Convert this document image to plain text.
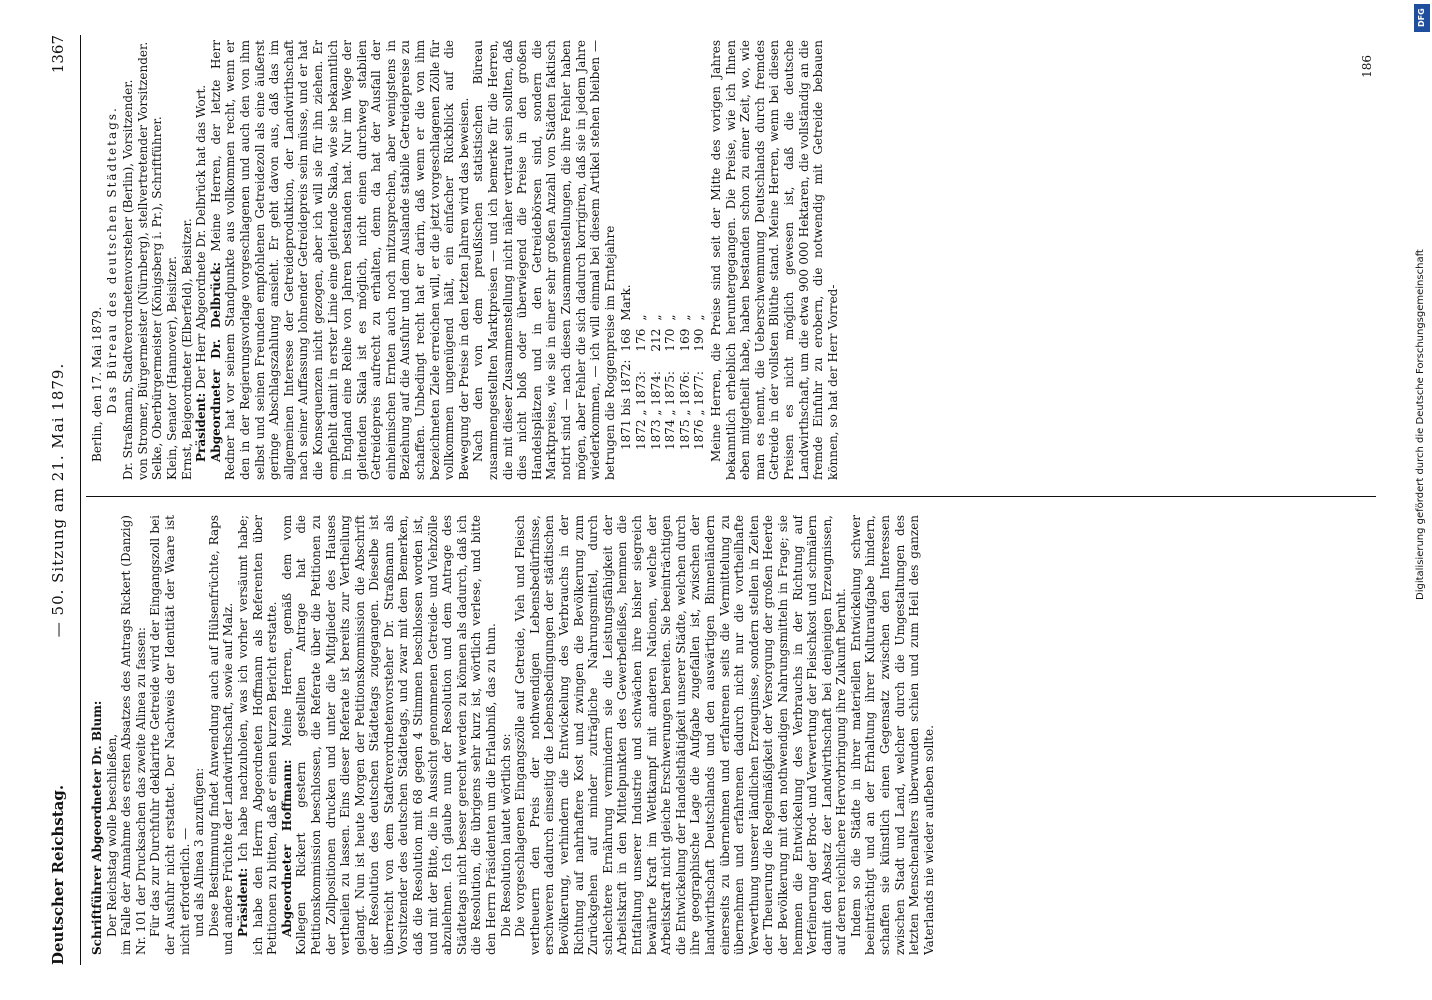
Deutscher Reichstag.
— 50. Sitzung am 21. Mai 1879.
1367

Schriftführer Abgeordneter Dr. Blum: Der Reichstag wolle beschließen, im Falle der Annahme des ersten Absatzes des Antrags Rickert (Danzig) Nr. 101 der Drucksachen das zweite Alinea zu fassen: Für das zur Durchfuhr deklarirte Getreide wird der Eingangszoll bei der Ausfuhr nicht erstattet. Der Nachweis der Identität der Waare ist nicht erforderlich. — und als Alinea 3 anzufügen: Diese Bestimmung findet Anwendung auch auf Hülsenfrüchte, Raps und andere Früchte der Landwirthschaft, sowie auf Malz. Präsident: Ich habe nachzuholen, was ich vorher versäumt habe; ich habe den Herrn Abgeordneten Hoffmann als Referenten über Petitionen zu bitten, daß er einen kurzen Bericht erstatte. Abgeordneter Hoffmann: Meine Herren, gemäß dem vom Kollegen Rickert gestern gestellten Antrage hat die Petitionskommission beschlossen, die Referate über die Petitionen zu der Zollpositionen drucken und unter die Mitglieder des Hauses vertheilen zu lassen. Eins dieser Referate ist bereits zur Vertheilung gelangt. Nun ist heute Morgen der Petitionskommission die Abschrift der Resolution des deutschen Städtetags zugegangen. Dieselbe ist überreicht von dem Stadtverordnetenvorsteher Dr. Straßmann als Vorsitzender des deutschen Städtetags, und zwar mit dem Bemerken, daß die Resolution mit 68 gegen 4 Stimmen beschlossen worden ist, und mit der Bitte, die in Aussicht genommenen Getreide- und Viehzölle abzulehnen. Ich glaube nun der Resolution und dem Antrage des Städtetags nicht besser gerecht werden zu können als dadurch, daß ich die Resolution, die übrigens sehr kurz ist, wörtlich verlese, und bitte den Herrn Präsidenten um die Erlaubniß, das zu thun. Die Resolution lautet wörtlich so: Die vorgeschlagenen Eingangszölle auf Getreide, Vieh und Fleisch vertheuern den Preis der nothwendigen Lebensbedürfnisse, erschweren dadurch einseitig die Lebensbedingungen der städtischen Bevölkerung, verhindern die Entwickelung des Verbrauchs in der Richtung auf nahrhaftere Kost und zwingen die Bevölkerung zum Zurückgehen auf minder zuträgliche Nahrungsmittel, durch schlechtere Ernährung vermindern sie die Leistungsfähigkeit der Arbeitskraft in den Mittelpunkten des Gewerbefleißes, hemmen die Entfaltung unserer Industrie und schwächen ihre bisher siegreich bewährte Kraft im Wettkampf mit anderen Nationen, welche der Arbeitskraft nicht gleiche Erschwerungen bereiten. Sie beeinträchtigen die Entwickelung der Handelsthätigkeit unserer Städte, welchen durch ihre geographische Lage die Aufgabe zugefallen ist, zwischen der landwirthschaft Deutschlands und den auswärtigen Binnenländern einerseits zu übernehmen und erfahrenen seits die Vermittelung zu übernehmen und erfahrenen dadurch nicht nur die vortheilhafte Verwerthung unserer ländlichen Erzeugnisse, sondern stellen in Zeiten der Theuerung die Regelmäßigkeit der Versorgung der großen Heerde der Bevölkerung mit den nothwendigen Nahrungsmitteln in Frage; sie hemmen die Entwickelung des Verbrauchs in der Richtung auf Verfeinerung der Brod- und Verwertung der Fleischkost und schmälern damit den Absatz der Landwirthschaft bei denjenigen Erzeugnissen, auf deren reichlichere Hervorbringung ihre Zukunft beruht. Indem so die Städte in ihrer materiellen Entwickelung schwer beeinträchtigt und an der Erhaltung ihrer Kulturaufgabe hindern, schaffen sie künstlich einen Gegensatz zwischen den Interessen zwischen Stadt und Land, welcher durch die Umgestaltungen des letzten Menschenalters überwunden schien und zum Heil des ganzen Vaterlands nie wieder aufleben sollte.

Berlin, den 17. Mai 1879. Das Büreau des deutschen Städtetags. Dr. Straßmann, Stadtverordnetenvorsteher (Berlin), Vorsitzender. von Stromer, Bürgermeister (Nürnberg), stellvertretender Vorsitzender. Selke, Oberbürgermeister (Königsberg i. Pr.), Schriftführer. Klein, Senator (Hannover), Beisitzer. Ernst, Beigeordneter (Elberfeld), Beisitzer. Präsident: Der Herr Abgeordnete Dr. Delbrück hat das Wort. Abgeordneter Dr. Delbrück: Meine Herren, der letzte Herr Redner hat vor seinem Standpunkte aus vollkommen recht, wenn er den in der Regierungsvorlage vorgeschlagenen und auch den von ihm selbst und seinen Freunden empfohlenen Getreidezoll als eine äußerst geringe Abschlagszahlung ansieht. Er geht davon aus, daß das im allgemeinen Interesse der Getreideproduktion, der Landwirthschaft nach seiner Auffassung lohnender Getreidepreis sein müsse, und er hat die Konsequenzen nicht gezogen, aber ich will sie für ihn ziehen. Er empfiehlt damit in erster Linie eine gleitende Skala, wie sie bekanntlich in England eine Reihe von Jahren bestanden hat. Nur im Wege der gleitenden Skala ist es möglich, nicht einen durchweg stabilen Getreidepreis aufrecht zu erhalten, denn da hat der Ausfall der einheimischen Ernten auch noch mitzusprechen, aber wenigstens in Beziehung auf die Ausfuhr und dem Auslande stabile Getreidepreise zu schaffen. Unbedingt recht hat er darin, daß wenn er die von ihm bezeichneten Ziele erreichen will, er die jetzt vorgeschlagenen Zölle für vollkommen ungenügend hält, ein einfacher Rückblick auf die Bewegung der Preise in den letzten Jahren wird das beweisen. Nach den von dem preußischen statistischen Büreau zusammengestellten Marktpreisen — und ich bemerke für die Herren, die mit dieser Zusammenstellung nicht näher vertraut sein sollten, daß dies nicht bloß oder überwiegend die Preise in den großen Handelsplätzen und in den Getreidebörsen sind, sondern die Marktpreise, wie sie in einer sehr großen Anzahl von Städten faktisch notirt sind — nach diesen Zusammenstellungen, die ihre Fehler haben mögen, aber Fehler die sich dadurch korrigiren, daß sie in jedem Jahre wiederkommen, — ich will einmal bei diesem Artikel stehen bleiben — betrugen die Roggenpreise im Erntejahre 1871 bis 1872:	168	Mark.
1872 „ 1873:	176	„
1873 „ 1874:	212	„
1874 „ 1875:	170	„
1875 „ 1876:	169	„
1876 „ 1877:	190	„ Meine Herren, die Preise sind seit der Mitte des vorigen Jahres bekanntlich erheblich heruntergegangen. Die Preise, wie ich Ihnen eben mitgetheilt habe, haben bestanden schon zu einer Zeit, wo, wie man es nennt, die Ueberschwemmung Deutschlands durch fremdes Getreide in der vollsten Blüthe stand. Meine Herren, wenn bei diesen Preisen es nicht möglich gewesen ist, daß die deutsche Landwirthschaft, um die etwa 900 000 Hektaren, die vollständig an die fremde Einfuhr zu erobern, die notwendig mit Getreide bebauen können, so hat der Herr Vorred-

186
Digitalisierung gefördert durch die Deutsche Forschungsgemeinschaft
DFG
